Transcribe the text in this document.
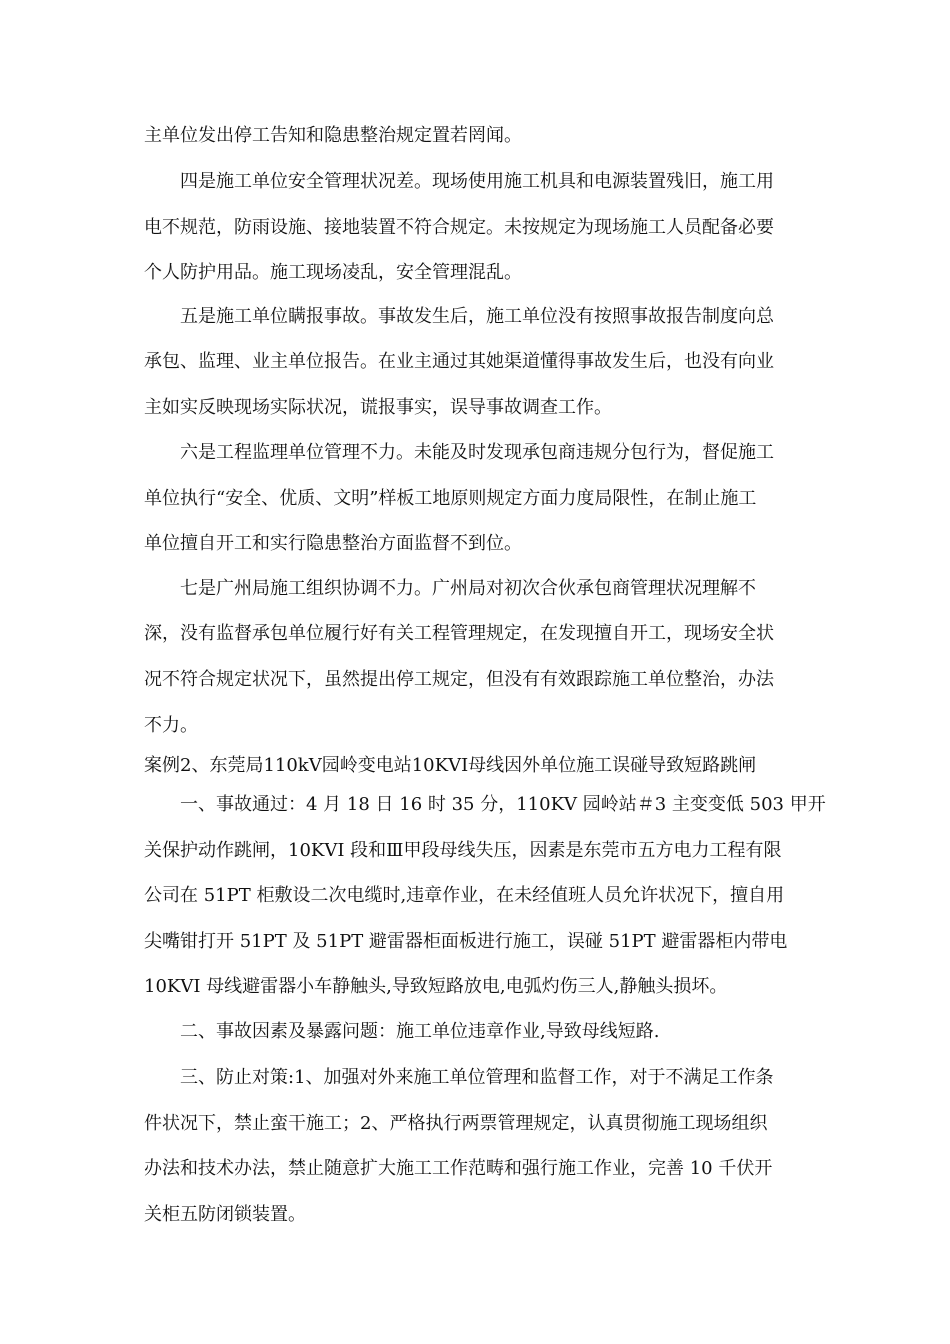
主单位发出停工告知和隐患整治规定置若罔闻。
四是施工单位安全管理状况差。现场使用施工机具和电源装置残旧，施工用
电不规范，防雨设施、接地装置不符合规定。未按规定为现场施工人员配备必要
个人防护用品。施工现场凌乱，安全管理混乱。
五是施工单位瞒报事故。事故发生后，施工单位没有按照事故报告制度向总
承包、监理、业主单位报告。在业主通过其她渠道懂得事故发生后，也没有向业
主如实反映现场实际状况，谎报事实，误导事故调查工作。
六是工程监理单位管理不力。未能及时发现承包商违规分包行为，督促施工
单位执行“安全、优质、文明”样板工地原则规定方面力度局限性，在制止施工
单位擅自开工和实行隐患整治方面监督不到位。
七是广州局施工组织协调不力。广州局对初次合伙承包商管理状况理解不
深，没有监督承包单位履行好有关工程管理规定，在发现擅自开工，现场安全状
况不符合规定状况下，虽然提出停工规定，但没有有效跟踪施工单位整治，办法
不力。
案例2、东莞局110kV园岭变电站10KVI母线因外单位施工误碰导致短路跳闸
一、事故通过：4 月 18 日 16 时 35 分，110KV 园岭站＃3 主变变低 503 甲开
关保护动作跳闸，10KVI 段和Ⅲ甲段母线失压，因素是东莞市五方电力工程有限
公司在 51PT 柜敷设二次电缆时,违章作业，在未经值班人员允许状况下，擅自用
尖嘴钳打开 51PT 及 51PT 避雷器柜面板进行施工，误碰 51PT 避雷器柜内带电
10KVI 母线避雷器小车静触头,导致短路放电,电弧灼伤三人,静触头损坏。
二、事故因素及暴露问题：施工单位违章作业,导致母线短路.
三、防止对策:1、加强对外来施工单位管理和监督工作，对于不满足工作条
件状况下，禁止蛮干施工；2、严格执行两票管理规定，认真贯彻施工现场组织
办法和技术办法，禁止随意扩大施工工作范畴和强行施工作业，完善 10 千伏开
关柜五防闭锁装置。
